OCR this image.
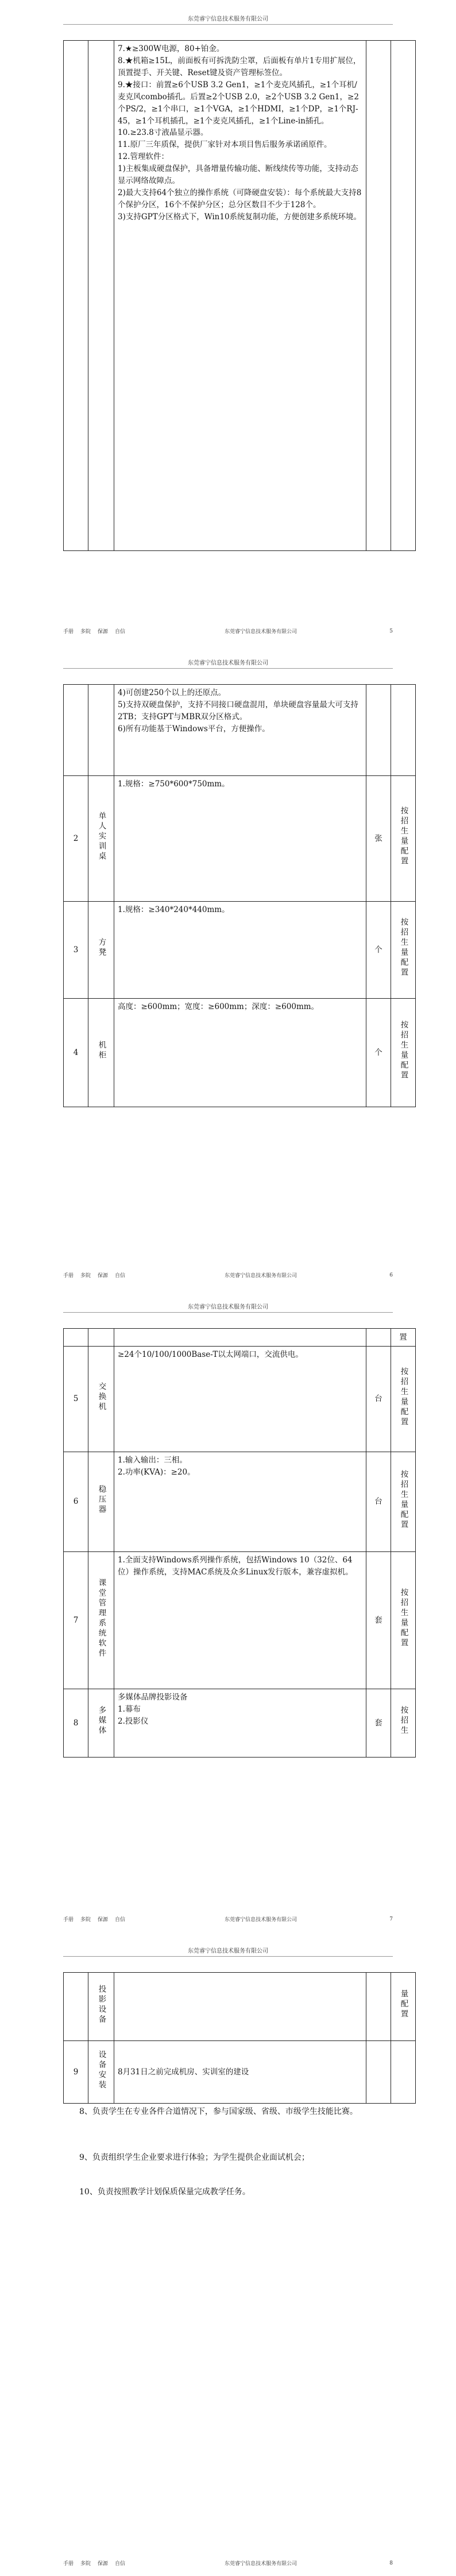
东莞睿宁信息技术服务有限公司

7.★≥300W电源，80+铂金。

8.★机箱≥15L，前面板有可拆洗防尘罩，后面板有单片1专用扩展位，顶置提手、开关键、Reset键及资产管理标签位。

9.★接口：前置≥6个USB 3.2 Gen1，≥1个麦克风插孔，≥1个耳机/麦克风combo插孔。后置≥2个USB 2.0，≥2个USB 3.2 Gen1，≥2个PS/2，≥1个串口，≥1个VGA，≥1个HDMI，≥1个DP，≥1个RJ-45，≥1个耳机插孔，≥1个麦克风插孔，≥1个Line-in插孔。

10.≥23.8寸液晶显示器。

11.原厂三年质保，提供厂家针对本项目售后服务承诺函原件。

12.管理软件：

1)主板集成硬盘保护，具备增量传输功能、断线续传等功能，支持动态显示网络故障点。

2)最大支持64个独立的操作系统（可降硬盘安装）：每个系统最大支持8个保护分区，16个不保护分区；总分区数目不少于128个。

3)支持GPT分区格式下，Win10系统复制功能，方便创建多系统环境。

手册 多院 保源 自信	东莞睿宁信息技术服务有限公司	5
东莞睿宁信息技术服务有限公司

		4)可创建250个以上的还原点。

5)支持双硬盘保护，支持不同接口硬盘混用，单块硬盘容量最大可支持2TB；支持GPT与MBR双分区格式。

6)所有功能基于Windows平台，方便操作。		

2	单人实训桌	1.规格：≥750*600*750mm。	张	按招生量配置
3	方凳	1.规格：≥340*240*440mm。	个	按招生量配置
4	机柜	高度：≥600mm；宽度：≥600mm；深度：≥600mm。	个	按招生量配置
手册 多院 保源 自信	东莞睿宁信息技术服务有限公司	6
东莞睿宁信息技术服务有限公司
				置
5	交换机	≥24个10/100/1000Base-T以太网端口，交流供电。	台	按招生量配置
6	稳压器	1.输入输出：三相。

2.功率(KVA)：≥20。	台	按招生量配置
7	课堂管理系统软件	1.全面支持Windows系列操作系统，包括Windows 10（32位、64位）操作系统，支持MAC系统及众多Linux发行版本，兼容虚拟机。	套	按招生量配置
8	多媒体	多媒体品牌投影设备

1.幕布

2.投影仪	套	按招生
手册 多院 保源 自信	东莞睿宁信息技术服务有限公司	7
东莞睿宁信息技术服务有限公司
	投影设备			量配置
9	设备安装	8月31日之前完成机房、实训室的建设		

8、负责学生在专业各件合道情况下，参与国家级、省级、市级学生技能比赛。

9、负责组织学生企业要求进行体验；为学生提供企业面试机会；

10、负责按照教学计划保质保量完成教学任务。

手册 多院 保源 自信	东莞睿宁信息技术服务有限公司	8
